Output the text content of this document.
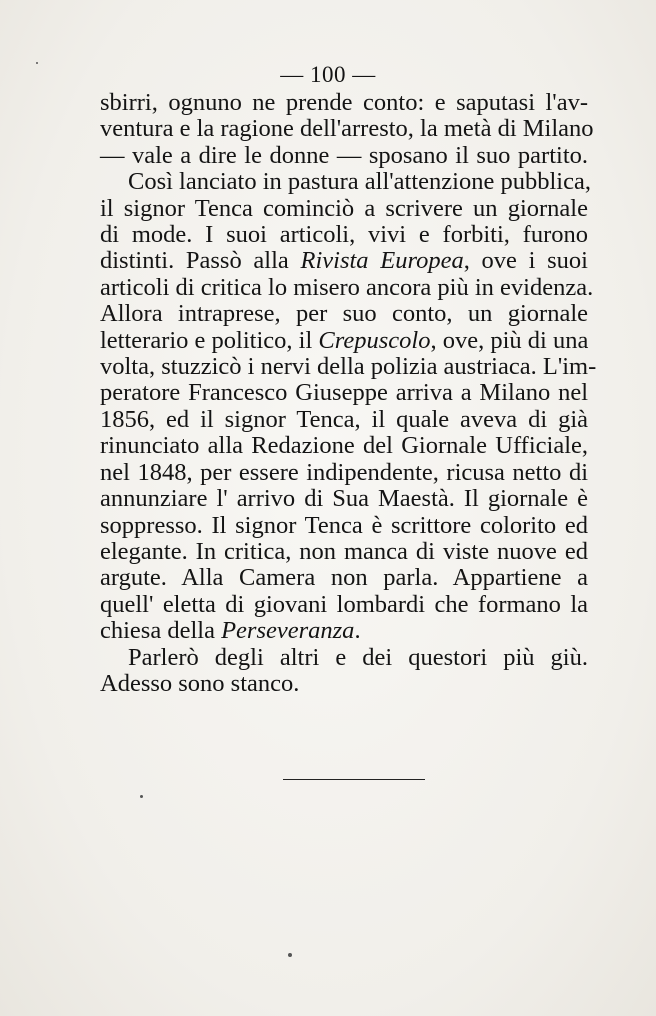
— 100 —
sbirri, ognuno ne prende conto: e saputasi l'av-
ventura e la ragione dell'arresto, la metà di Milano
— vale a dire le donne — sposano il suo partito.
Così lanciato in pastura all'attenzione pubblica,
il signor Tenca cominciò a scrivere un giornale
di mode. I suoi articoli, vivi e forbiti, furono
distinti. Passò alla Rivista Europea, ove i suoi
articoli di critica lo misero ancora più in evidenza.
Allora intraprese, per suo conto, un giornale
letterario e politico, il Crepuscolo, ove, più di una
volta, stuzzicò i nervi della polizia austriaca. L'im-
peratore Francesco Giuseppe arriva a Milano nel
1856, ed il signor Tenca, il quale aveva di già
rinunciato alla Redazione del Giornale Ufficiale,
nel 1848, per essere indipendente, ricusa netto di
annunziare l' arrivo di Sua Maestà. Il giornale è
soppresso. Il signor Tenca è scrittore colorito ed
elegante. In critica, non manca di viste nuove ed
argute. Alla Camera non parla. Appartiene a
quell' eletta di giovani lombardi che formano la
chiesa della Perseveranza.
Parlerò degli altri e dei questori più giù.
Adesso sono stanco.
